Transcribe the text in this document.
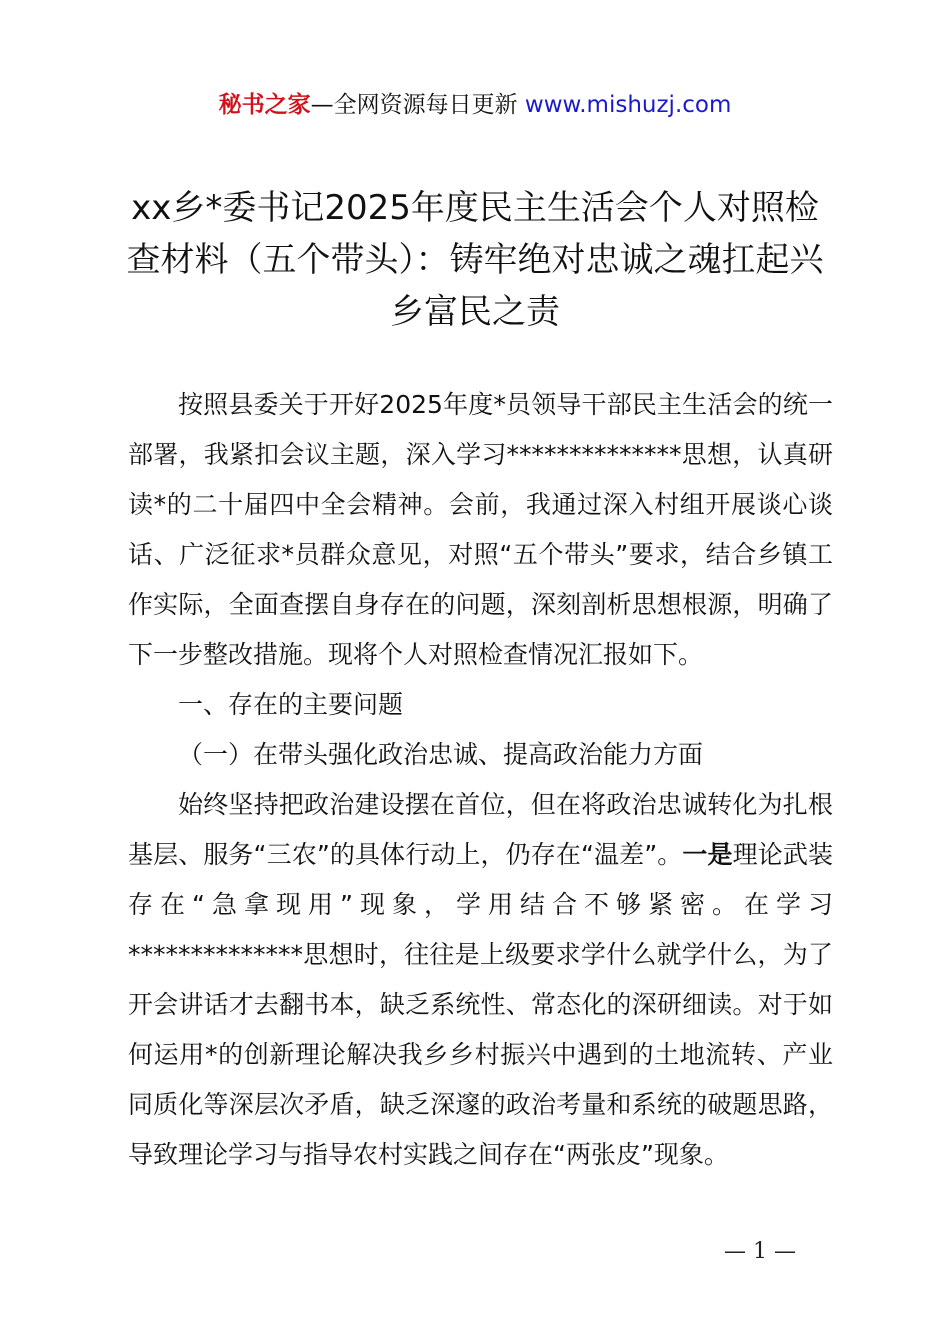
秘书之家—全网资源每日更新 www.mishuzj.com
xx乡*委书记2025年度民主生活会个人对照检查材料（五个带头）：铸牢绝对忠诚之魂扛起兴乡富民之责

按照县委关于开好2025年度*员领导干部民主生活会的统一部署，我紧扣会议主题，深入学习**************思想，认真研读*的二十届四中全会精神。会前，我通过深入村组开展谈心谈话、广泛征求*员群众意见，对照“五个带头”要求，结合乡镇工作实际，全面查摆自身存在的问题，深刻剖析思想根源，明确了下一步整改措施。现将个人对照检查情况汇报如下。

一、存在的主要问题

（一）在带头强化政治忠诚、提高政治能力方面

始终坚持把政治建设摆在首位，但在将政治忠诚转化为扎根基层、服务“三农”的具体行动上，仍存在“温差”。一是理论武装存在“急拿现用”现象，学用结合不够紧密。在学习**************思想时，往往是上级要求学什么就学什么，为了开会讲话才去翻书本，缺乏系统性、常态化的深研细读。对于如何运用*的创新理论解决我乡乡村振兴中遇到的土地流转、产业同质化等深层次矛盾，缺乏深邃的政治考量和系统的破题思路，导致理论学习与指导农村实践之间存在“两张皮”现象。

— 1 —
